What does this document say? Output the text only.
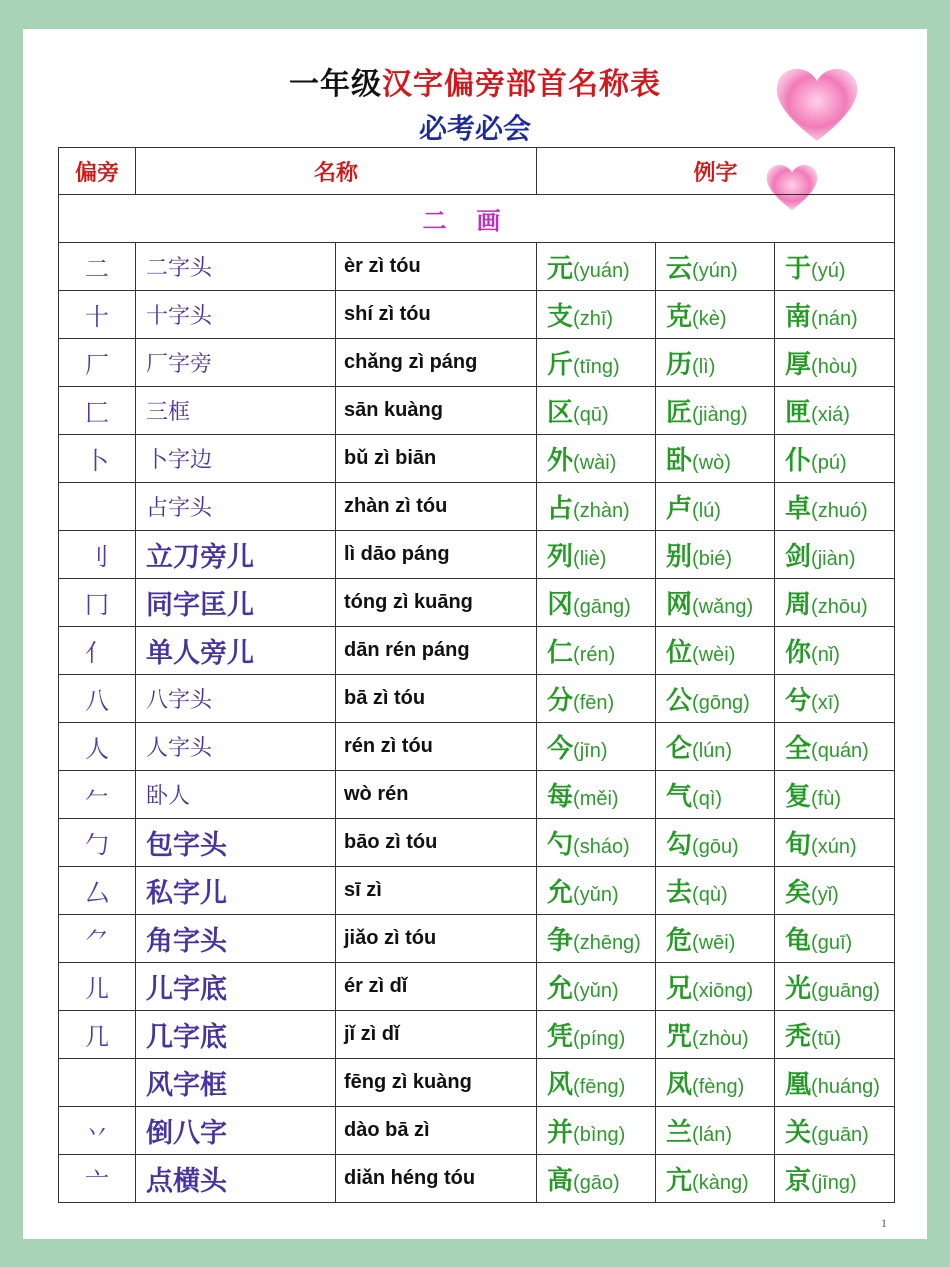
一年级汉字偏旁部首名称表
必考必会
偏旁	名称		例字		
二画					
二	二字头	èr zì tóu	元(yuán)	云(yún)	于(yú)
十	十字头	shí zì tóu	支(zhī)	克(kè)	南(nán)
厂	厂字旁	chǎng zì páng	斤(tīng)	历(lì)	厚(hòu)
匚	三框	sān kuàng	区(qū)	匠(jiàng)	匣(xiá)
卜	卜字边	bǔ zì biān	外(wài)	卧(wò)	仆(pú)
	占字头	zhàn zì tóu	占(zhàn)	卢(lú)	卓(zhuó)
刂	立刀旁儿	lì dāo páng	列(liè)	别(bié)	剑(jiàn)
冂	同字匡儿	tóng zì kuāng	冈(gāng)	网(wǎng)	周(zhōu)
亻	单人旁儿	dān rén páng	仁(rén)	位(wèi)	你(nǐ)
八	八字头	bā zì tóu	分(fēn)	公(gōng)	兮(xī)
人	人字头	rén zì tóu	今(jīn)	仑(lún)	全(quán)
𠂉	卧人	wò rén	每(měi)	气(qì)	复(fù)
勹	包字头	bāo zì tóu	勺(sháo)	勾(gōu)	旬(xún)
厶	私字儿	sī zì	允(yǔn)	去(qù)	矣(yǐ)
⺈	角字头	jiǎo zì tóu	争(zhēng)	危(wēi)	龟(guī)
儿	儿字底	ér zì dǐ	允(yǔn)	兄(xiōng)	光(guāng)
几	几字底	jǐ zì dǐ	凭(píng)	咒(zhòu)	秃(tū)
	风字框	fēng zì kuàng	风(fēng)	凤(fèng)	凰(huáng)
丷	倒八字	dào bā zì	并(bìng)	兰(lán)	关(guān)
亠	点横头	diǎn héng tóu	高(gāo)	亢(kàng)	京(jīng)
1
